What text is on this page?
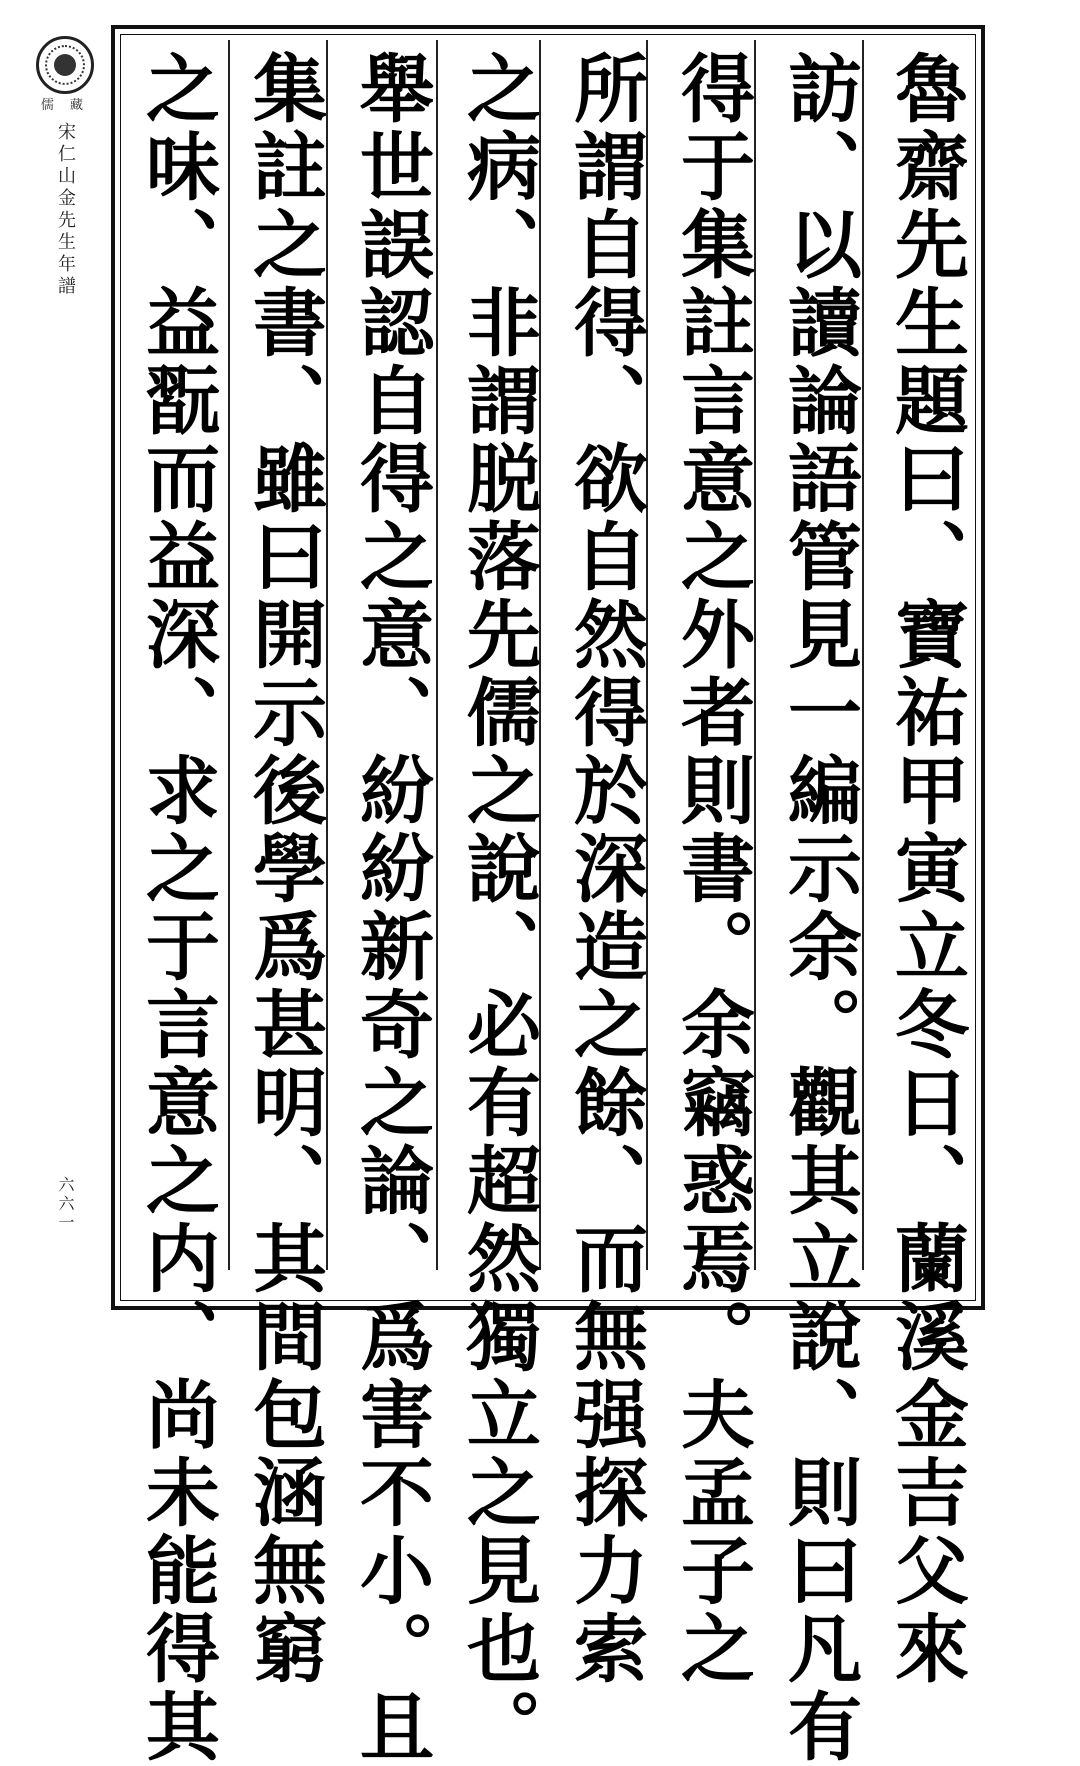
儒 藏
宋仁山金先生年譜
六六一	魯齋先生題曰、寶祐甲寅立冬日、蘭溪金吉父來
訪、以讀論語管見一編示余。觀其立說、則曰凡有
得于集註言意之外者則書。余竊惑焉。夫孟子之
所謂自得、欲自然得於深造之餘、而無强探力索
之病、非謂脱落先儒之說、必有超然獨立之見也。
舉世誤認自得之意、紛紛新奇之論、爲害不小。且
集註之書、雖曰開示後學爲甚明、其間包涵無窮
之味、益翫而益深、求之于言意之内、尚未能得其
